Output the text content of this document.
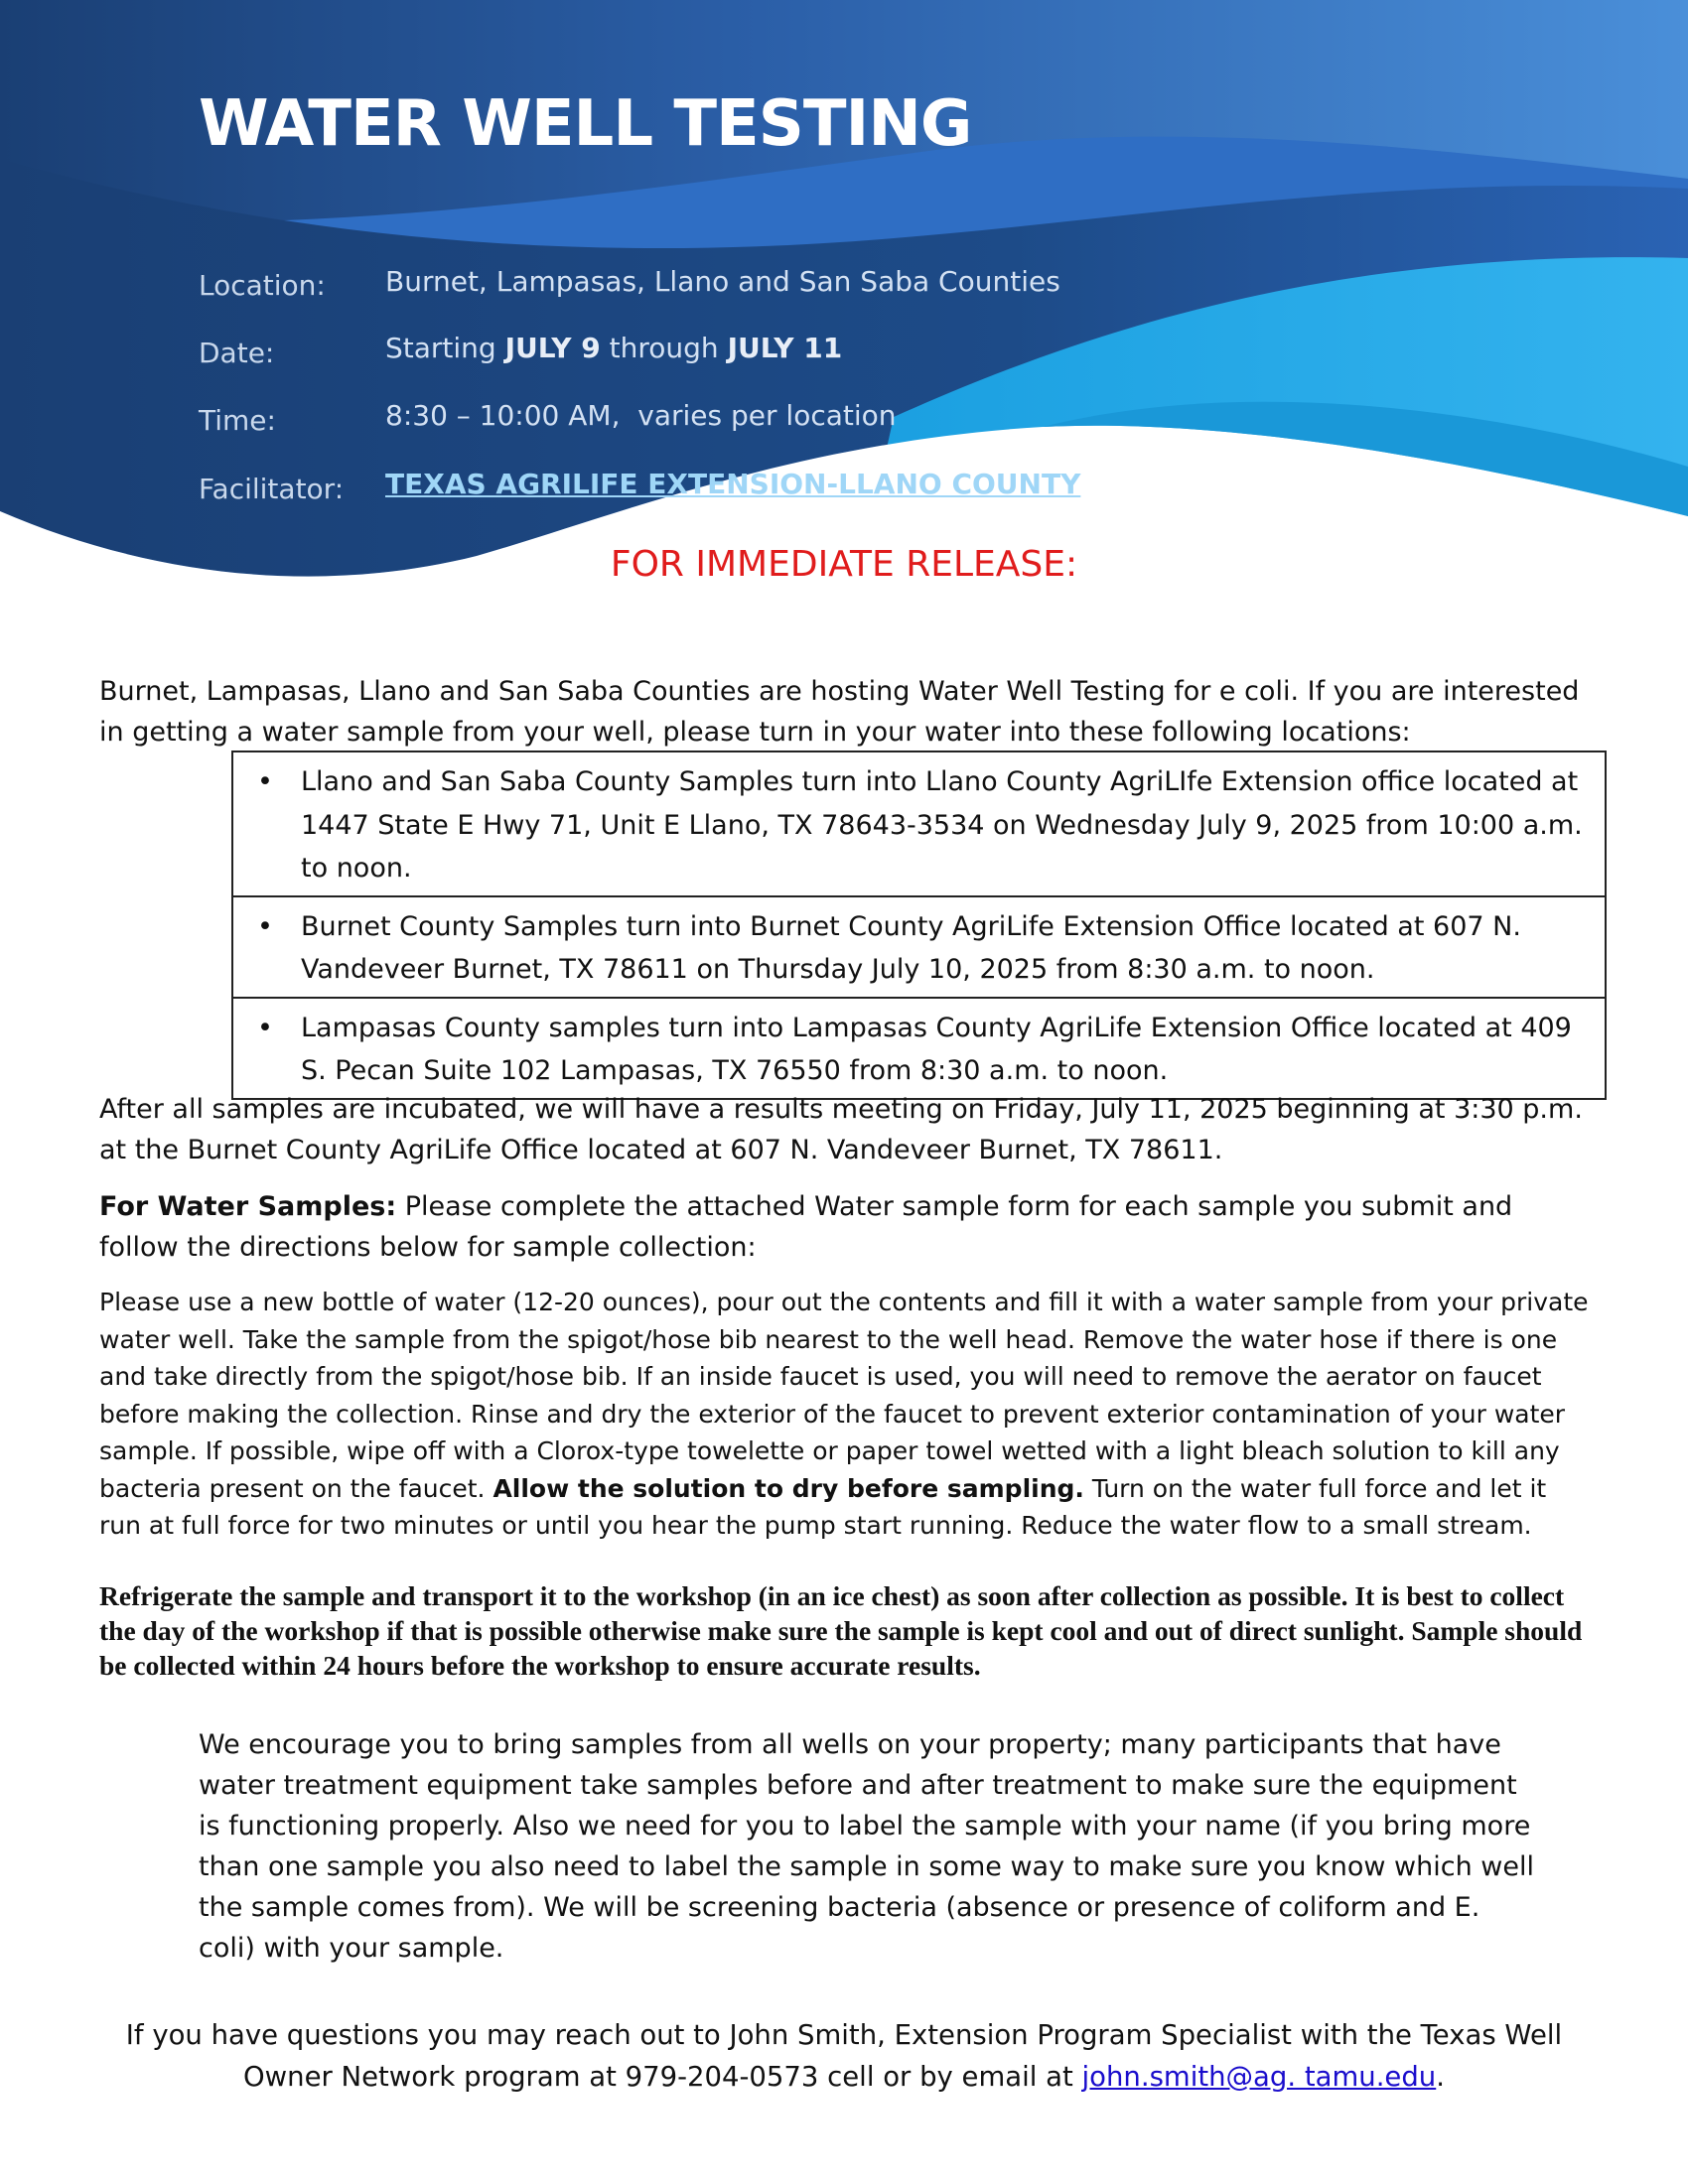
WATER WELL TESTING
Location: Burnet, Lampasas, Llano and San Saba Counties
Date:	Starting JULY 9 through JULY 11
Time:	8:30 – 10:00 AM,  varies per location
Facilitator: TEXAS AGRILIFE EXTENSION-LLANO COUNTY
FOR IMMEDIATE RELEASE:

Burnet, Lampasas, Llano and San Saba Counties are hosting Water Well Testing for e coli. If you are interested in getting a water sample from your well, please turn in your water into these following locations:

• Llano and San Saba County Samples turn into Llano County AgriLIfe Extension office located at 1447 State E Hwy 71, Unit E Llano, TX 78643-3534 on Wednesday July 9, 2025 from 10:00 a.m. to noon.

• Burnet County Samples turn into Burnet County AgriLife Extension Office located at 607 N. Vandeveer Burnet, TX 78611 on Thursday July 10, 2025 from 8:30 a.m. to noon.

• Lampasas County samples turn into Lampasas County AgriLife Extension Office located at 409 S. Pecan Suite 102 Lampasas, TX 76550 from 8:30 a.m. to noon.

After all samples are incubated, we will have a results meeting on Friday, July 11, 2025 beginning at 3:30 p.m. at the Burnet County AgriLife Office located at 607 N. Vandeveer Burnet, TX 78611.

For Water Samples: Please complete the attached Water sample form for each sample you submit and follow the directions below for sample collection:

Please use a new bottle of water (12-20 ounces), pour out the contents and fill it with a water sample from your private water well. Take the sample from the spigot/hose bib nearest to the well head. Remove the water hose if there is one and take directly from the spigot/hose bib. If an inside faucet is used, you will need to remove the aerator on faucet before making the collection. Rinse and dry the exterior of the faucet to prevent exterior contamination of your water sample. If possible, wipe off with a Clorox-type towelette or paper towel wetted with a light bleach solution to kill any bacteria present on the faucet. Allow the solution to dry before sampling. Turn on the water full force and let it run at full force for two minutes or until you hear the pump start running. Reduce the water flow to a small stream.

Refrigerate the sample and transport it to the workshop (in an ice chest) as soon after collection as possible. It is best to collect the day of the workshop if that is possible otherwise make sure the sample is kept cool and out of direct sunlight. Sample should be collected within 24 hours before the workshop to ensure accurate results.

We encourage you to bring samples from all wells on your property; many participants that have water treatment equipment take samples before and after treatment to make sure the equipment is functioning properly. Also we need for you to label the sample with your name (if you bring more than one sample you also need to label the sample in some way to make sure you know which well the sample comes from). We will be screening bacteria (absence or presence of coliform and E. coli) with your sample.

If you have questions you may reach out to John Smith, Extension Program Specialist with the Texas Well Owner Network program at 979-204-0573 cell or by email at john.smith@ag. tamu.edu.
